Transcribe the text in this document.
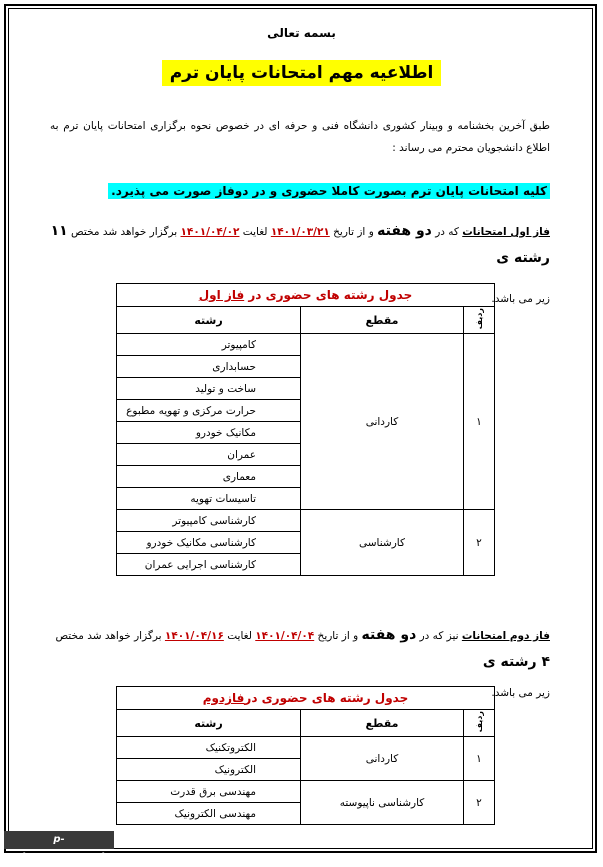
بسمه تعالی
اطلاعیه مهم امتحانات پایان ترم
طبق آخرین بخشنامه و وبینار کشوری دانشگاه فنی و حرفه ای در خصوص نحوه برگزاری امتحانات پایان ترم به اطلاع دانشجویان محترم می رساند :
کلیه امتحانات پایان ترم بصورت کاملا حضوری و در دوفاز صورت می پذیرد.
فاز اول امتحانات که در دو هفته و از تاریخ ۱۴۰۱/۰۳/۲۱ لغایت ۱۴۰۱/۰۴/۰۲ برگزار خواهد شد مختص ۱۱ رشته ی
زیر می باشد.
جدول رشته های حضوری در فاز اول		
ردیف	مقطع	رشته
۱	کاردانی	کامپیوتر
		حسابداری
		ساخت و تولید
		حرارت مرکزی و تهویه مطبوع
		مکانیک خودرو
		عمران
		معماری
		تاسیسات تهویه
۲	کارشناسی	کارشناسی کامپیوتر
		کارشناسی مکانیک خودرو
		کارشناسی اجرایی عمران
فاز دوم امتحانات نیز که در دو هفته و از تاریخ ۱۴۰۱/۰۴/۰۴ لغایت ۱۴۰۱/۰۴/۱۶ برگزار خواهد شد مختص ۴ رشته ی
زیر می باشد.
جدول رشته های حضوری درفازدوم		
ردیف	مقطع	رشته
۱	کاردانی	الکتروتکنیک
		الکترونیک
۲	کارشناسی ناپیوسته	مهندسی برق قدرت
		مهندسی الکترونیک
p-sabzevar.tvu.ac.ir
